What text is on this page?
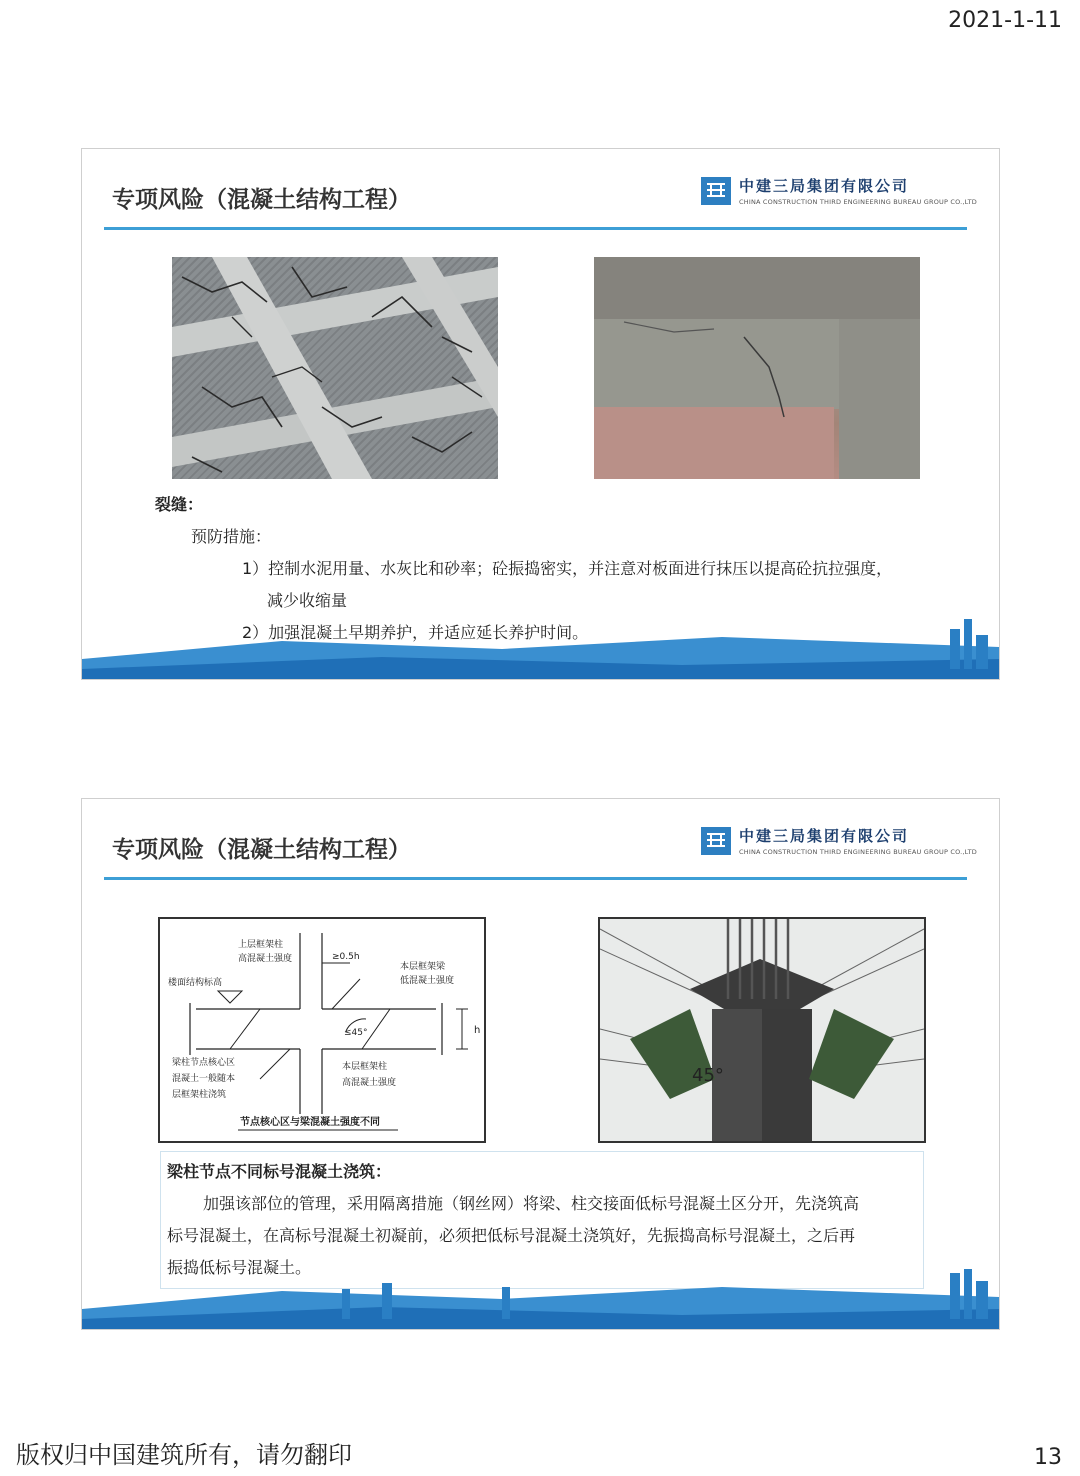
2021-1-11
专项风险（混凝土结构工程）
中建三局集团有限公司
CHINA CONSTRUCTION THIRD ENGINEERING BUREAU GROUP CO.,LTD
裂缝：
预防措施：
1）控制水泥用量、水灰比和砂率；砼振捣密实，并注意对板面进行抹压以提高砼抗拉强度，
减少收缩量
2）加强混凝土早期养护，并适应延长养护时间。
专项风险（混凝土结构工程）
中建三局集团有限公司
CHINA CONSTRUCTION THIRD ENGINEERING BUREAU GROUP CO.,LTD
上层框架柱
高混凝土强度	≥0.5h
本层框架梁
低混凝土强度
楼面结构标高
≤45°	h
梁柱节点核心区
混凝土一般随本
层框架柱浇筑
本层框架柱
高混凝土强度
节点核心区与梁混凝土强度不同
45°
梁柱节点不同标号混凝土浇筑：
加强该部位的管理，采用隔离措施（钢丝网）将梁、柱交接面低标号混凝土区分开，先浇筑高
标号混凝土，在高标号混凝土初凝前，必须把低标号混凝土浇筑好，先振捣高标号混凝土，之后再
振捣低标号混凝土。
版权归中国建筑所有，请勿翻印	13
